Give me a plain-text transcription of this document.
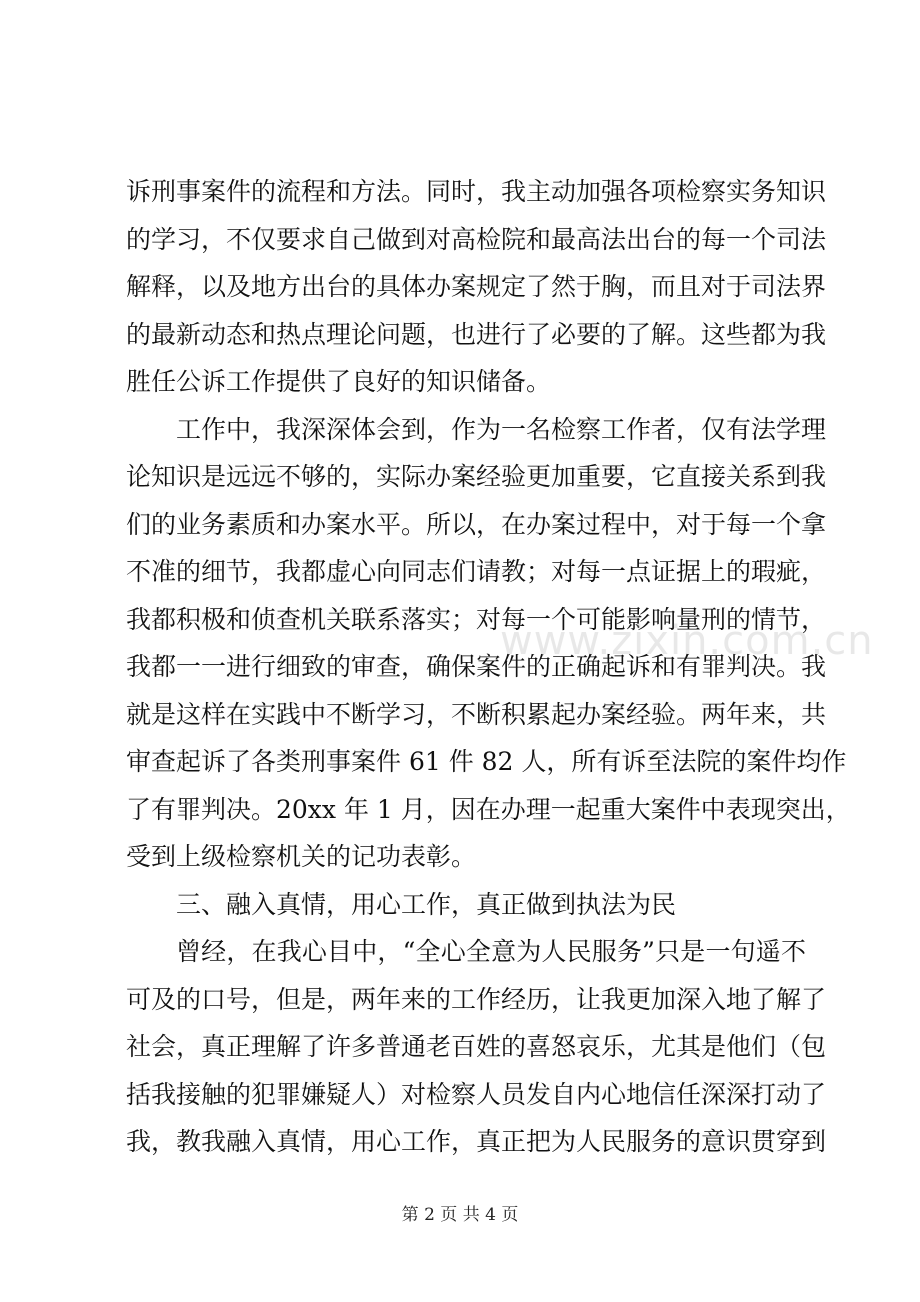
诉刑事案件的流程和方法。同时，我主动加强各项检察实务知识
的学习，不仅要求自己做到对高检院和最高法出台的每一个司法
解释，以及地方出台的具体办案规定了然于胸，而且对于司法界
的最新动态和热点理论问题，也进行了必要的了解。这些都为我
胜任公诉工作提供了良好的知识储备。
工作中，我深深体会到，作为一名检察工作者，仅有法学理
论知识是远远不够的，实际办案经验更加重要，它直接关系到我
们的业务素质和办案水平。所以，在办案过程中，对于每一个拿
不准的细节，我都虚心向同志们请教；对每一点证据上的瑕疵，
我都积极和侦查机关联系落实；对每一个可能影响量刑的情节，
我都一一进行细致的审查，确保案件的正确起诉和有罪判决。我
就是这样在实践中不断学习，不断积累起办案经验。两年来，共
审查起诉了各类刑事案件 61 件 82 人，所有诉至法院的案件均作
了有罪判决。20xx 年 1 月，因在办理一起重大案件中表现突出，
受到上级检察机关的记功表彰。
三、融入真情，用心工作，真正做到执法为民
曾经，在我心目中，“全心全意为人民服务”只是一句遥不
可及的口号，但是，两年来的工作经历，让我更加深入地了解了
社会，真正理解了许多普通老百姓的喜怒哀乐，尤其是他们（包
括我接触的犯罪嫌疑人）对检察人员发自内心地信任深深打动了
我，教我融入真情，用心工作，真正把为人民服务的意识贯穿到
www.zixin.com.cn
第 2 页 共 4 页
